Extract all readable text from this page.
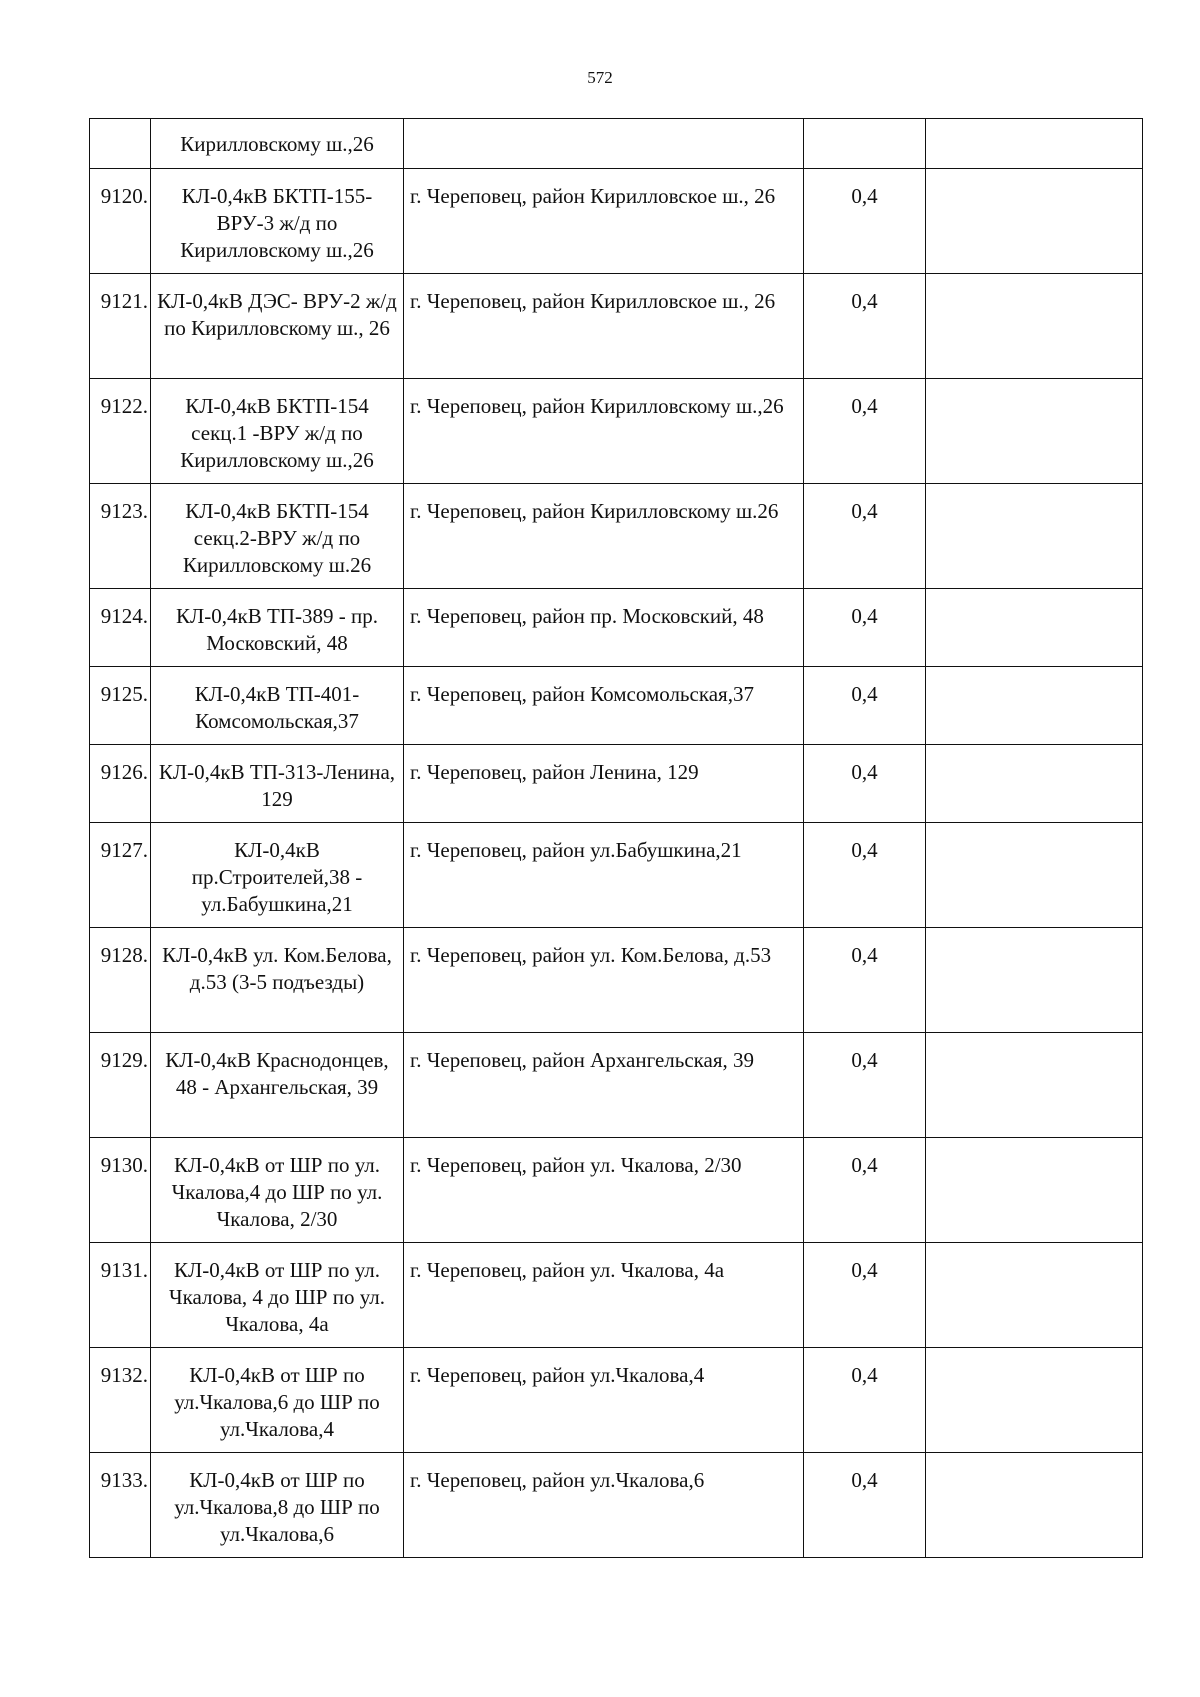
572
	Кирилловскому ш.,26			
9120.	КЛ-0,4кВ БКТП-155-ВРУ-3 ж/д по Кирилловскому ш.,26	г. Череповец, район Кирилловское ш., 26	0,4	
9121.	КЛ-0,4кВ ДЭС- ВРУ-2 ж/д по Кирилловскому ш., 26	г. Череповец, район Кирилловское ш., 26	0,4	
9122.	КЛ-0,4кВ БКТП-154 секц.1 -ВРУ ж/д по Кирилловскому ш.,26	г. Череповец, район Кирилловскому ш.,26	0,4	
9123.	КЛ-0,4кВ БКТП-154 секц.2-ВРУ ж/д по Кирилловскому ш.26	г. Череповец, район Кирилловскому ш.26	0,4	
9124.	КЛ-0,4кВ ТП-389 - пр. Московский, 48	г. Череповец, район пр. Московский, 48	0,4	
9125.	КЛ-0,4кВ ТП-401-Комсомольская,37	г. Череповец, район Комсомольская,37	0,4	
9126.	КЛ-0,4кВ ТП-313-Ленина, 129	г. Череповец, район Ленина, 129	0,4	
9127.	КЛ-0,4кВ пр.Строителей,38 - ул.Бабушкина,21	г. Череповец, район ул.Бабушкина,21	0,4	
9128.	КЛ-0,4кВ ул. Ком.Белова, д.53 (3-5 подъезды)	г. Череповец, район ул. Ком.Белова, д.53	0,4	
9129.	КЛ-0,4кВ Краснодонцев, 48 - Архангельская, 39	г. Череповец, район Архангельская, 39	0,4	
9130.	КЛ-0,4кВ от ШР по ул. Чкалова,4 до ШР по ул. Чкалова, 2/30	г. Череповец, район ул. Чкалова, 2/30	0,4	
9131.	КЛ-0,4кВ от ШР по ул. Чкалова, 4 до ШР по ул. Чкалова, 4а	г. Череповец, район ул. Чкалова, 4а	0,4	
9132.	КЛ-0,4кВ от ШР по ул.Чкалова,6 до ШР по ул.Чкалова,4	г. Череповец, район ул.Чкалова,4	0,4	
9133.	КЛ-0,4кВ от ШР по ул.Чкалова,8 до ШР по ул.Чкалова,6	г. Череповец, район ул.Чкалова,6	0,4	
